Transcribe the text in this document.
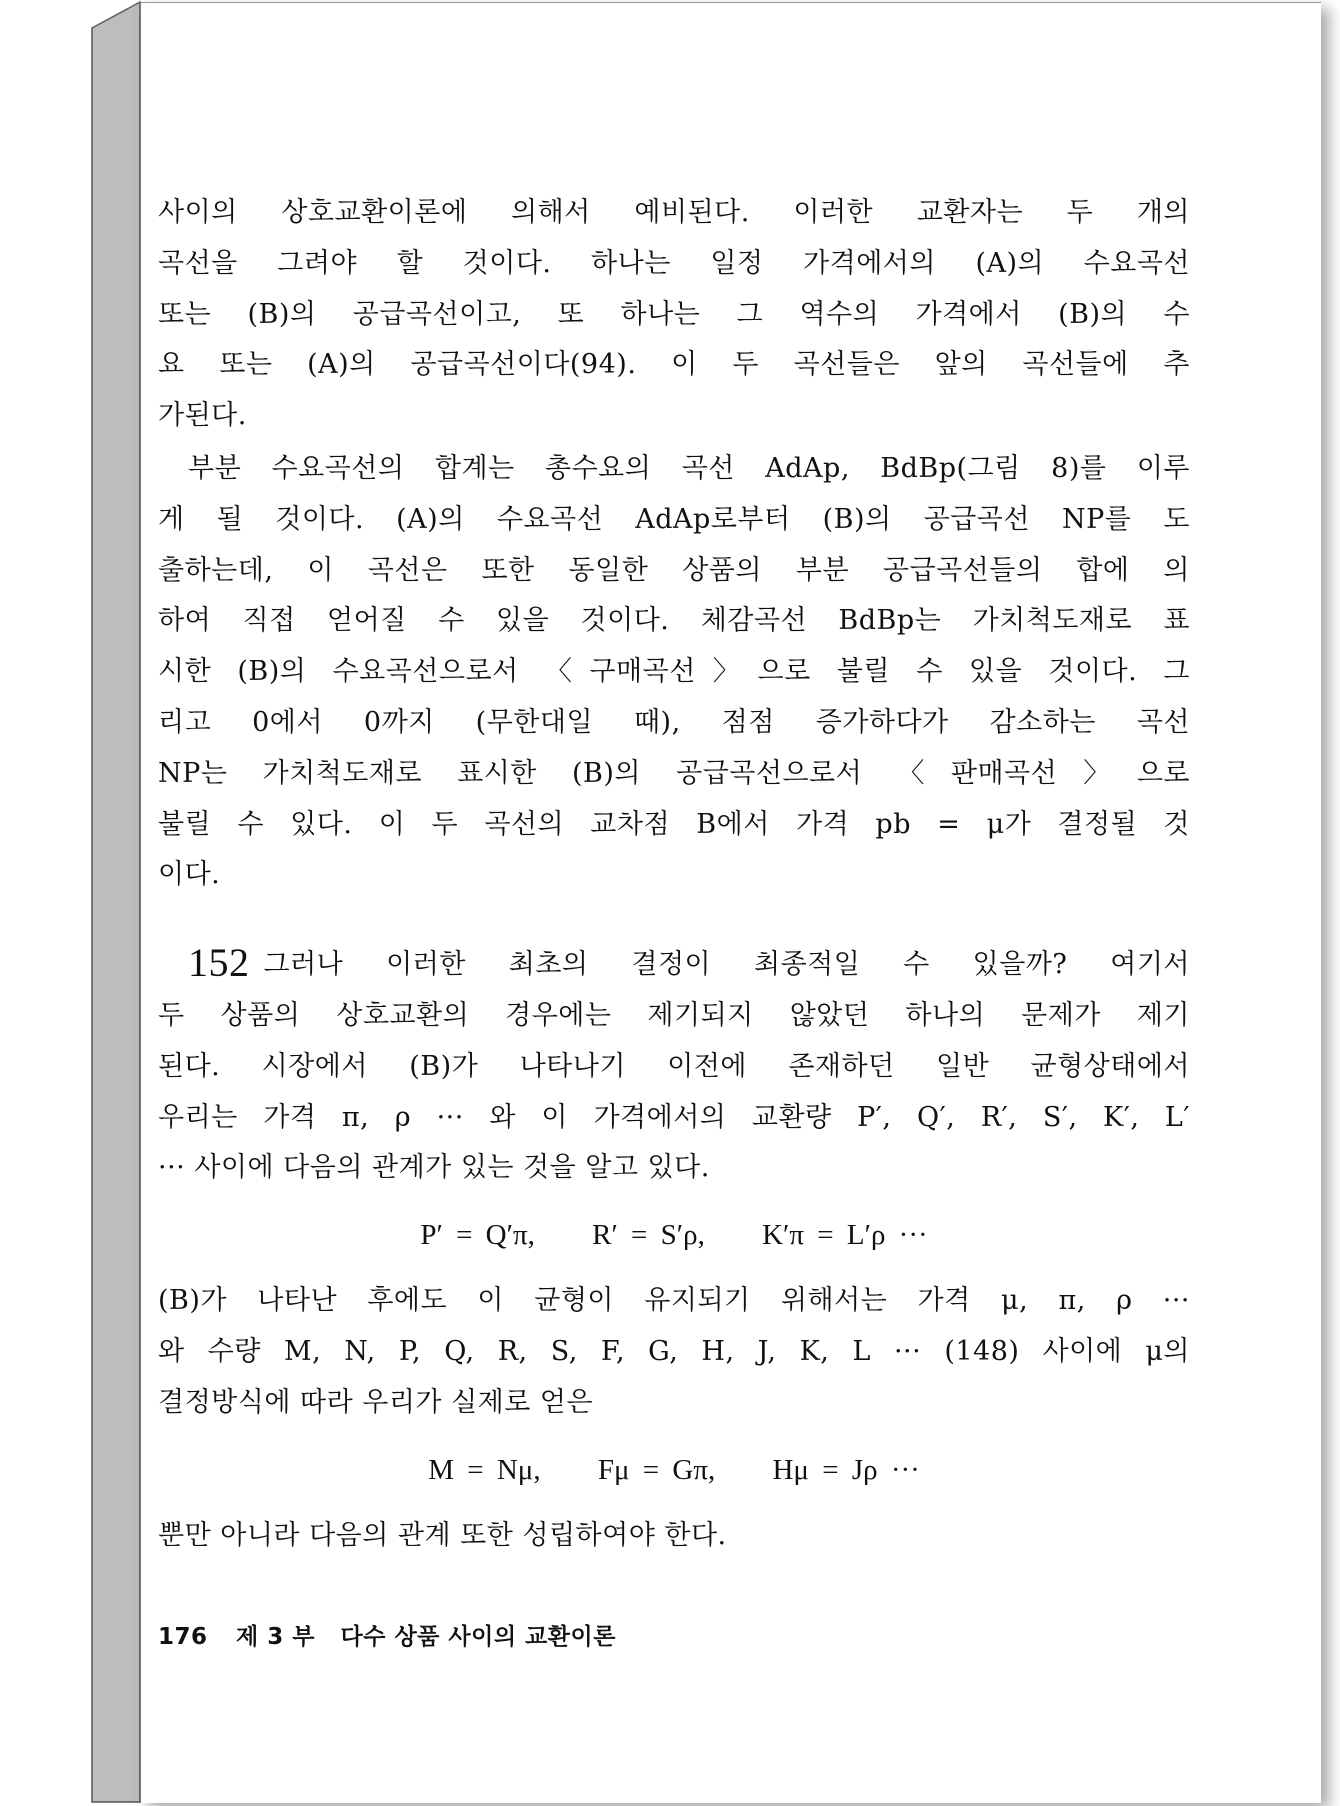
사이의 상호교환이론에 의해서 예비된다. 이러한 교환자는 두 개의
곡선을 그려야 할 것이다. 하나는 일정 가격에서의 (A)의 수요곡선
또는 (B)의 공급곡선이고, 또 하나는 그 역수의 가격에서 (B)의 수
요 또는 (A)의 공급곡선이다(94). 이 두 곡선들은 앞의 곡선들에 추
가된다.

부분 수요곡선의 합계는 총수요의 곡선 AdAp, BdBp(그림 8)를 이루
게 될 것이다. (A)의 수요곡선 AdAp로부터 (B)의 공급곡선 NP를 도
출하는데, 이 곡선은 또한 동일한 상품의 부분 공급곡선들의 합에 의
하여 직접 얻어질 수 있을 것이다. 체감곡선 BdBp는 가치척도재로 표
시한 (B)의 수요곡선으로서 〈구매곡선〉으로 불릴 수 있을 것이다. 그
리고 0에서 0까지 (무한대일 때), 점점 증가하다가 감소하는 곡선
NP는 가치척도재로 표시한 (B)의 공급곡선으로서 〈판매곡선〉으로
불릴 수 있다. 이 두 곡선의 교차점 B에서 가격 pb = μ가 결정될 것
이다.

152 그러나 이러한 최초의 결정이 최종적일 수 있을까? 여기서
두 상품의 상호교환의 경우에는 제기되지 않았던 하나의 문제가 제기
된다. 시장에서 (B)가 나타나기 이전에 존재하던 일반 균형상태에서
우리는 가격 π, ρ ··· 와 이 가격에서의 교환량 P′, Q′, R′, S′, K′, L′
··· 사이에 다음의 관계가 있는 것을 알고 있다.

P′ = Q′π, R′ = S′ρ, K′π = L′ρ ···

(B)가 나타난 후에도 이 균형이 유지되기 위해서는 가격 μ, π, ρ ···
와 수량 M, N, P, Q, R, S, F, G, H, J, K, L ··· (148) 사이에 μ의
결정방식에 따라 우리가 실제로 얻은

M = Nμ, Fμ = Gπ, Hμ = Jρ ···

뿐만 아니라 다음의 관계 또한 성립하여야 한다.

176 제 3 부   다수 상품 사이의 교환이론
